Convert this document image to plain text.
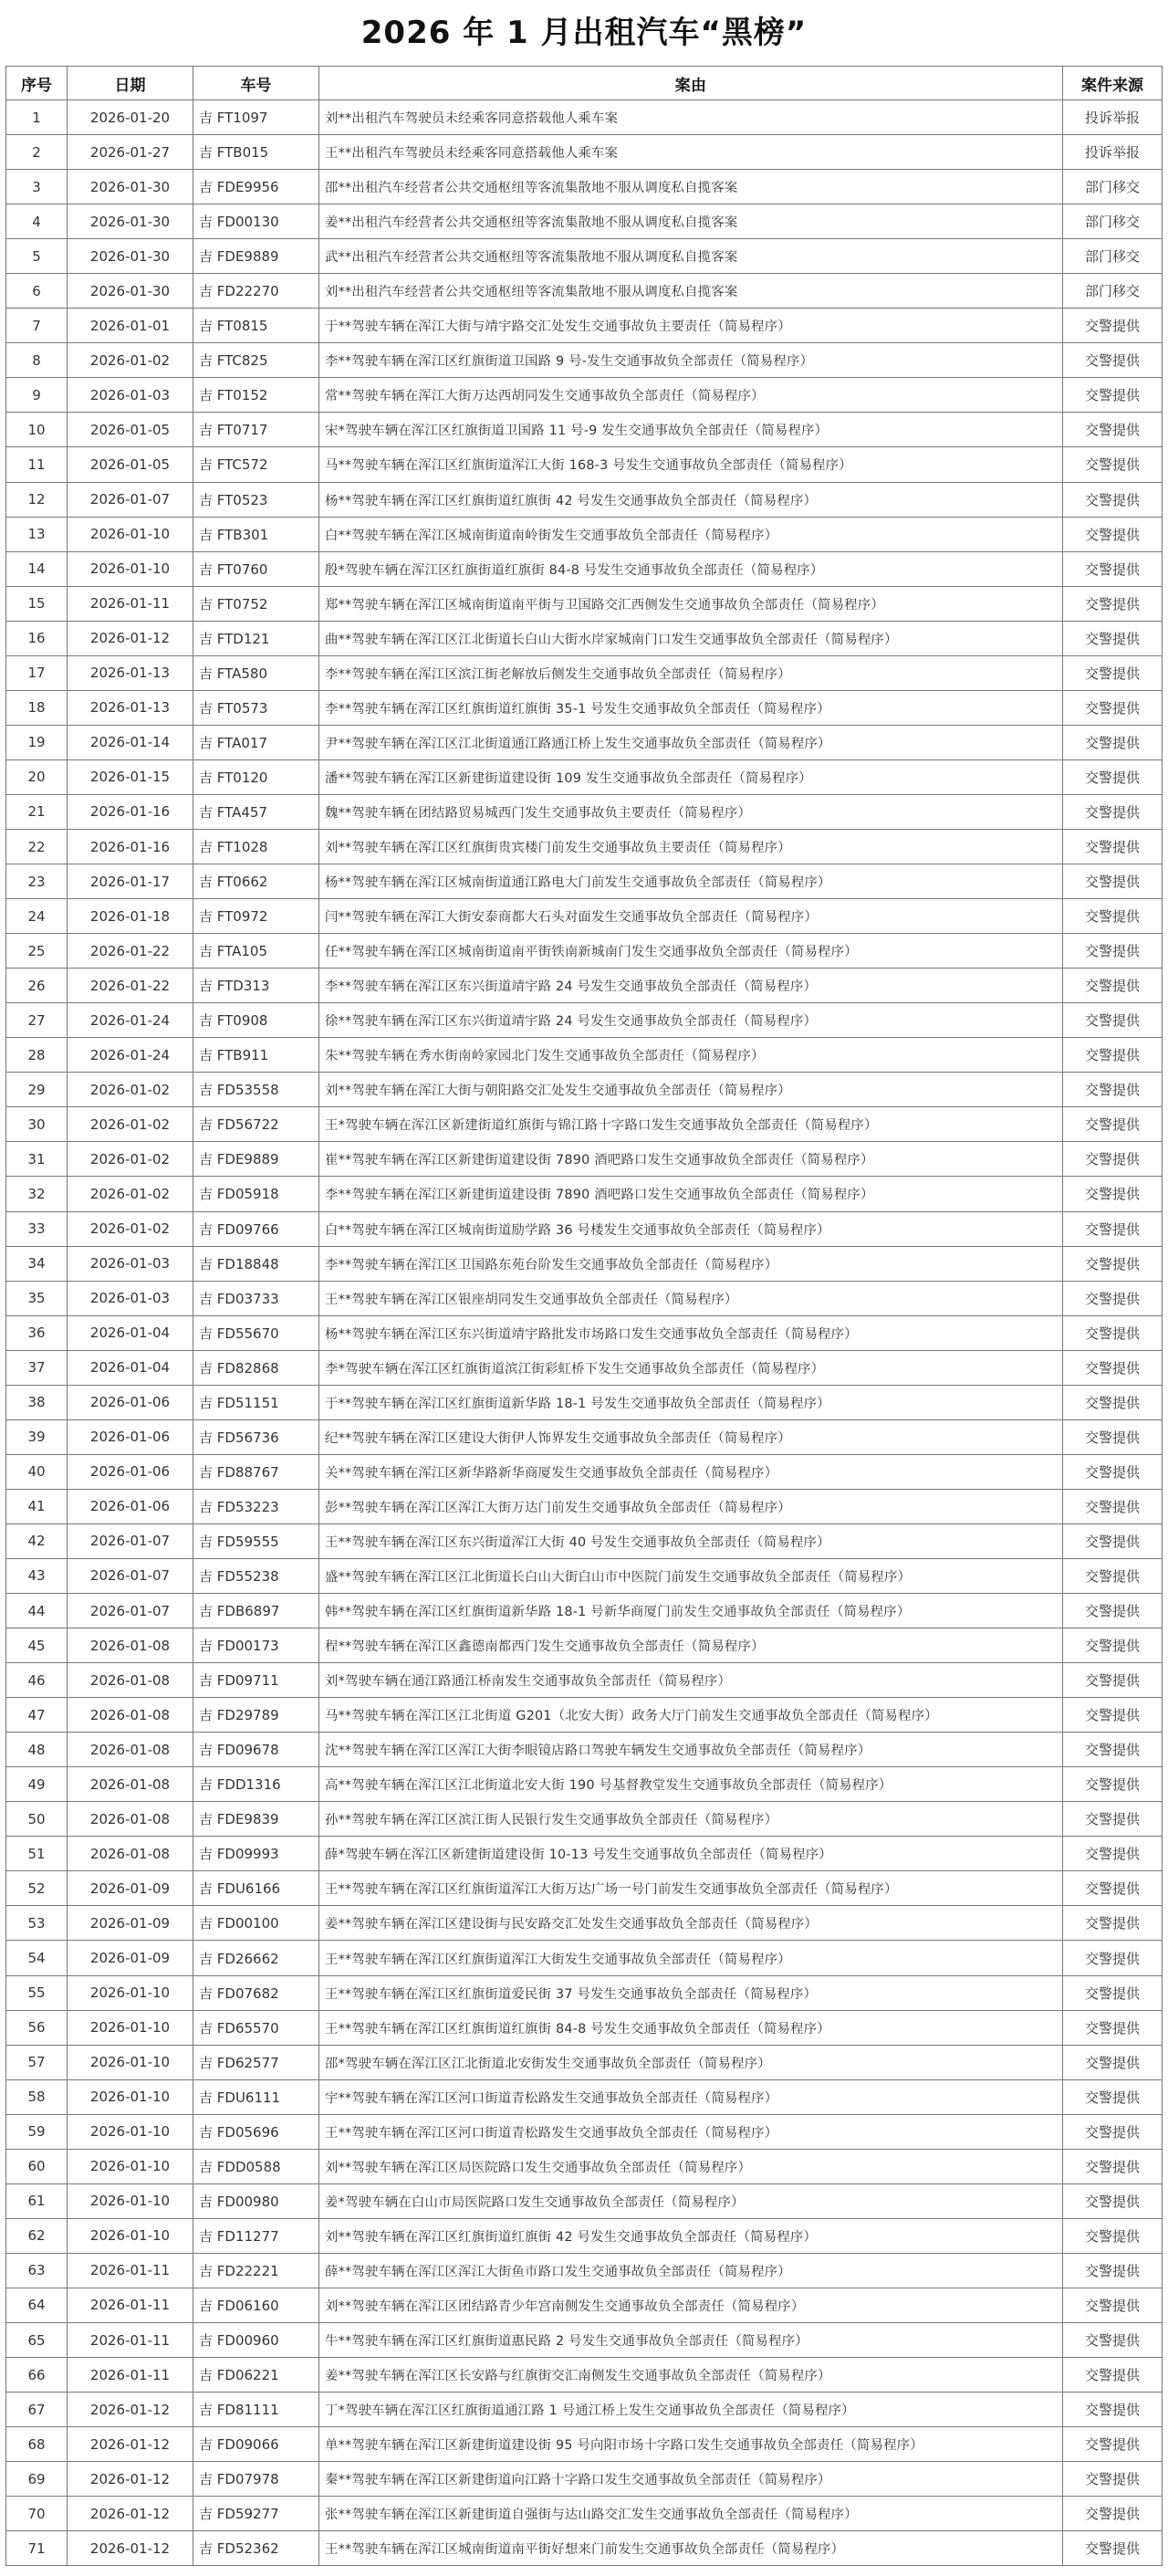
2026 年 1 月出租汽车“黑榜”
序号	日期	车号	案由	案件来源
1	2026-01-20	吉 FT1097	刘**出租汽车驾驶员未经乘客同意搭载他人乘车案	投诉举报
2	2026-01-27	吉 FTB015	王**出租汽车驾驶员未经乘客同意搭载他人乘车案	投诉举报
3	2026-01-30	吉 FDE9956	邵**出租汽车经营者公共交通枢纽等客流集散地不服从调度私自揽客案	部门移交
4	2026-01-30	吉 FD00130	姜**出租汽车经营者公共交通枢纽等客流集散地不服从调度私自揽客案	部门移交
5	2026-01-30	吉 FDE9889	武**出租汽车经营者公共交通枢纽等客流集散地不服从调度私自揽客案	部门移交
6	2026-01-30	吉 FD22270	刘**出租汽车经营者公共交通枢纽等客流集散地不服从调度私自揽客案	部门移交
7	2026-01-01	吉 FT0815	于**驾驶车辆在浑江大街与靖宇路交汇处发生交通事故负主要责任（简易程序）	交警提供
8	2026-01-02	吉 FTC825	李**驾驶车辆在浑江区红旗街道卫国路 9 号-发生交通事故负全部责任（简易程序）	交警提供
9	2026-01-03	吉 FT0152	常**驾驶车辆在浑江大街万达西胡同发生交通事故负全部责任（简易程序）	交警提供
10	2026-01-05	吉 FT0717	宋*驾驶车辆在浑江区红旗街道卫国路 11 号-9 发生交通事故负全部责任（简易程序）	交警提供
11	2026-01-05	吉 FTC572	马**驾驶车辆在浑江区红旗街道浑江大街 168-3 号发生交通事故负全部责任（简易程序）	交警提供
12	2026-01-07	吉 FT0523	杨**驾驶车辆在浑江区红旗街道红旗街 42 号发生交通事故负全部责任（简易程序）	交警提供
13	2026-01-10	吉 FTB301	白**驾驶车辆在浑江区城南街道南岭街发生交通事故负全部责任（简易程序）	交警提供
14	2026-01-10	吉 FT0760	殷*驾驶车辆在浑江区红旗街道红旗街 84-8 号发生交通事故负全部责任（简易程序）	交警提供
15	2026-01-11	吉 FT0752	郑**驾驶车辆在浑江区城南街道南平街与卫国路交汇西侧发生交通事故负全部责任（简易程序）	交警提供
16	2026-01-12	吉 FTD121	曲**驾驶车辆在浑江区江北街道长白山大街水岸家城南门口发生交通事故负全部责任（简易程序）	交警提供
17	2026-01-13	吉 FTA580	李**驾驶车辆在浑江区滨江街老解放后侧发生交通事故负全部责任（简易程序）	交警提供
18	2026-01-13	吉 FT0573	李**驾驶车辆在浑江区红旗街道红旗街 35-1 号发生交通事故负全部责任（简易程序）	交警提供
19	2026-01-14	吉 FTA017	尹**驾驶车辆在浑江区江北街道通江路通江桥上发生交通事故负全部责任（简易程序）	交警提供
20	2026-01-15	吉 FT0120	潘**驾驶车辆在浑江区新建街道建设街 109 发生交通事故负全部责任（简易程序）	交警提供
21	2026-01-16	吉 FTA457	魏**驾驶车辆在团结路贸易城西门发生交通事故负主要责任（简易程序）	交警提供
22	2026-01-16	吉 FT1028	刘**驾驶车辆在浑江区红旗街贵宾楼门前发生交通事故负主要责任（简易程序）	交警提供
23	2026-01-17	吉 FT0662	杨**驾驶车辆在浑江区城南街道通江路电大门前发生交通事故负全部责任（简易程序）	交警提供
24	2026-01-18	吉 FT0972	闫**驾驶车辆在浑江大街安泰商都大石头对面发生交通事故负全部责任（简易程序）	交警提供
25	2026-01-22	吉 FTA105	任**驾驶车辆在浑江区城南街道南平街铁南新城南门发生交通事故负全部责任（简易程序）	交警提供
26	2026-01-22	吉 FTD313	李**驾驶车辆在浑江区东兴街道靖宇路 24 号发生交通事故负全部责任（简易程序）	交警提供
27	2026-01-24	吉 FT0908	徐**驾驶车辆在浑江区东兴街道靖宇路 24 号发生交通事故负全部责任（简易程序）	交警提供
28	2026-01-24	吉 FTB911	朱**驾驶车辆在秀水街南岭家园北门发生交通事故负全部责任（简易程序）	交警提供
29	2026-01-02	吉 FD53558	刘**驾驶车辆在浑江大街与朝阳路交汇处发生交通事故负全部责任（简易程序）	交警提供
30	2026-01-02	吉 FD56722	王*驾驶车辆在浑江区新建街道红旗街与锦江路十字路口发生交通事故负全部责任（简易程序）	交警提供
31	2026-01-02	吉 FDE9889	崔**驾驶车辆在浑江区新建街道建设街 7890 酒吧路口发生交通事故负全部责任（简易程序）	交警提供
32	2026-01-02	吉 FD05918	李**驾驶车辆在浑江区新建街道建设街 7890 酒吧路口发生交通事故负全部责任（简易程序）	交警提供
33	2026-01-02	吉 FD09766	白**驾驶车辆在浑江区城南街道励学路 36 号楼发生交通事故负全部责任（简易程序）	交警提供
34	2026-01-03	吉 FD18848	李**驾驶车辆在浑江区卫国路东苑台阶发生交通事故负全部责任（简易程序）	交警提供
35	2026-01-03	吉 FD03733	王**驾驶车辆在浑江区银座胡同发生交通事故负全部责任（简易程序）	交警提供
36	2026-01-04	吉 FD55670	杨**驾驶车辆在浑江区东兴街道靖宇路批发市场路口发生交通事故负全部责任（简易程序）	交警提供
37	2026-01-04	吉 FD82868	李*驾驶车辆在浑江区红旗街道滨江街彩虹桥下发生交通事故负全部责任（简易程序）	交警提供
38	2026-01-06	吉 FD51151	于**驾驶车辆在浑江区红旗街道新华路 18-1 号发生交通事故负全部责任（简易程序）	交警提供
39	2026-01-06	吉 FD56736	纪**驾驶车辆在浑江区建设大街伊人饰界发生交通事故负全部责任（简易程序）	交警提供
40	2026-01-06	吉 FD88767	关**驾驶车辆在浑江区新华路新华商厦发生交通事故负全部责任（简易程序）	交警提供
41	2026-01-06	吉 FD53223	彭**驾驶车辆在浑江区浑江大街万达门前发生交通事故负全部责任（简易程序）	交警提供
42	2026-01-07	吉 FD59555	王**驾驶车辆在浑江区东兴街道浑江大街 40 号发生交通事故负全部责任（简易程序）	交警提供
43	2026-01-07	吉 FD55238	盛**驾驶车辆在浑江区江北街道长白山大街白山市中医院门前发生交通事故负全部责任（简易程序）	交警提供
44	2026-01-07	吉 FDB6897	韩**驾驶车辆在浑江区红旗街道新华路 18-1 号新华商厦门前发生交通事故负全部责任（简易程序）	交警提供
45	2026-01-08	吉 FD00173	程**驾驶车辆在浑江区鑫德南都西门发生交通事故负全部责任（简易程序）	交警提供
46	2026-01-08	吉 FD09711	刘*驾驶车辆在通江路通江桥南发生交通事故负全部责任（简易程序）	交警提供
47	2026-01-08	吉 FD29789	马**驾驶车辆在浑江区江北街道 G201（北安大街）政务大厅门前发生交通事故负全部责任（简易程序）	交警提供
48	2026-01-08	吉 FD09678	沈**驾驶车辆在浑江区浑江大街李眼镜店路口驾驶车辆发生交通事故负全部责任（简易程序）	交警提供
49	2026-01-08	吉 FDD1316	高**驾驶车辆在浑江区江北街道北安大街 190 号基督教堂发生交通事故负全部责任（简易程序）	交警提供
50	2026-01-08	吉 FDE9839	孙**驾驶车辆在浑江区滨江街人民银行发生交通事故负全部责任（简易程序）	交警提供
51	2026-01-08	吉 FD09993	薛*驾驶车辆在浑江区新建街道建设街 10-13 号发生交通事故负全部责任（简易程序）	交警提供
52	2026-01-09	吉 FDU6166	王**驾驶车辆在浑江区红旗街道浑江大街万达广场一号门前发生交通事故负全部责任（简易程序）	交警提供
53	2026-01-09	吉 FD00100	姜**驾驶车辆在浑江区建设街与民安路交汇处发生交通事故负全部责任（简易程序）	交警提供
54	2026-01-09	吉 FD26662	王**驾驶车辆在浑江区红旗街道浑江大街发生交通事故负全部责任（简易程序）	交警提供
55	2026-01-10	吉 FD07682	王**驾驶车辆在浑江区红旗街道爱民街 37 号发生交通事故负全部责任（简易程序）	交警提供
56	2026-01-10	吉 FD65570	王**驾驶车辆在浑江区红旗街道红旗街 84-8 号发生交通事故负全部责任（简易程序）	交警提供
57	2026-01-10	吉 FD62577	邵*驾驶车辆在浑江区江北街道北安街发生交通事故负全部责任（简易程序）	交警提供
58	2026-01-10	吉 FDU6111	宇**驾驶车辆在浑江区河口街道青松路发生交通事故负全部责任（简易程序）	交警提供
59	2026-01-10	吉 FD05696	王**驾驶车辆在浑江区河口街道青松路发生交通事故负全部责任（简易程序）	交警提供
60	2026-01-10	吉 FDD0588	刘**驾驶车辆在浑江区局医院路口发生交通事故负全部责任（简易程序）	交警提供
61	2026-01-10	吉 FD00980	姜*驾驶车辆在白山市局医院路口发生交通事故负全部责任（简易程序）	交警提供
62	2026-01-10	吉 FD11277	刘**驾驶车辆在浑江区红旗街道红旗街 42 号发生交通事故负全部责任（简易程序）	交警提供
63	2026-01-11	吉 FD22221	薛**驾驶车辆在浑江区浑江大街鱼市路口发生交通事故负全部责任（简易程序）	交警提供
64	2026-01-11	吉 FD06160	刘**驾驶车辆在浑江区团结路青少年宫南侧发生交通事故负全部责任（简易程序）	交警提供
65	2026-01-11	吉 FD00960	牛**驾驶车辆在浑江区红旗街道惠民路 2 号发生交通事故负全部责任（简易程序）	交警提供
66	2026-01-11	吉 FD06221	姜**驾驶车辆在浑江区长安路与红旗街交汇南侧发生交通事故负全部责任（简易程序）	交警提供
67	2026-01-12	吉 FD81111	丁*驾驶车辆在浑江区红旗街道通江路 1 号通江桥上发生交通事故负全部责任（简易程序）	交警提供
68	2026-01-12	吉 FD09066	单**驾驶车辆在浑江区新建街道建设街 95 号向阳市场十字路口发生交通事故负全部责任（简易程序）	交警提供
69	2026-01-12	吉 FD07978	秦**驾驶车辆在浑江区新建街道向江路十字路口发生交通事故负全部责任（简易程序）	交警提供
70	2026-01-12	吉 FD59277	张**驾驶车辆在浑江区新建街道自强街与达山路交汇发生交通事故负全部责任（简易程序）	交警提供
71	2026-01-12	吉 FD52362	王**驾驶车辆在浑江区城南街道南平街好想来门前发生交通事故负全部责任（简易程序）	交警提供
